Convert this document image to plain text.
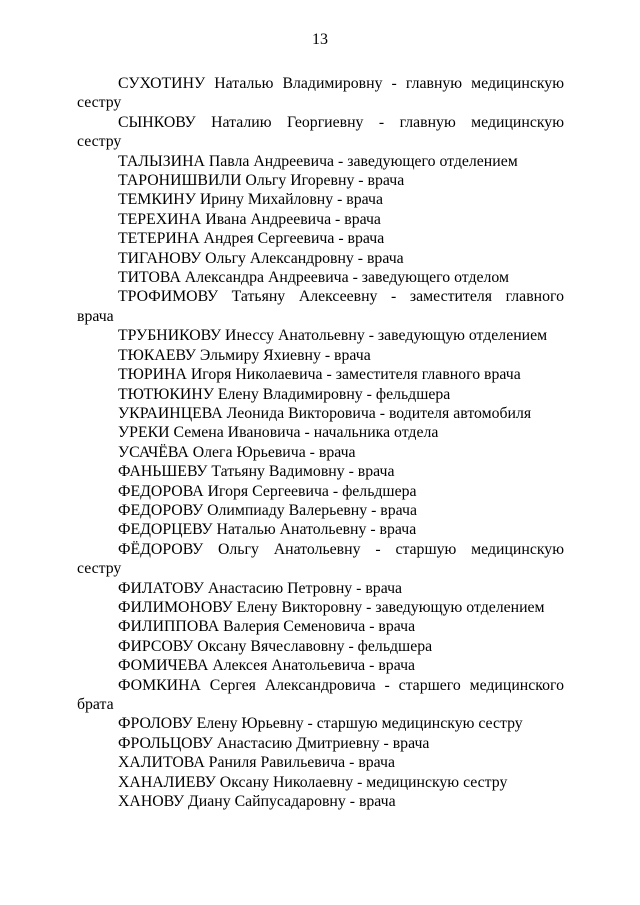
13
СУХОТИНУ Наталью Владимировну - главную медицинскую
сестру
СЫНКОВУ Наталию Георгиевну - главную медицинскую
сестру
ТАЛЫЗИНА Павла Андреевича - заведующего отделением
ТАРОНИШВИЛИ Ольгу Игоревну - врача
ТЕМКИНУ Ирину Михайловну - врача
ТЕРЕХИНА Ивана Андреевича - врача
ТЕТЕРИНА Андрея Сергеевича - врача
ТИГАНОВУ Ольгу Александровну - врача
ТИТОВА Александра Андреевича - заведующего отделом
ТРОФИМОВУ Татьяну Алексеевну - заместителя главного
врача
ТРУБНИКОВУ Инессу Анатольевну - заведующую отделением
ТЮКАЕВУ Эльмиру Яхиевну - врача
ТЮРИНА Игоря Николаевича - заместителя главного врача
ТЮТЮКИНУ Елену Владимировну - фельдшера
УКРАИНЦЕВА Леонида Викторовича - водителя автомобиля
УРЕКИ Семена Ивановича - начальника отдела
УСАЧЁВА Олега Юрьевича - врача
ФАНЬШЕВУ Татьяну Вадимовну - врача
ФЕДОРОВА Игоря Сергеевича - фельдшера
ФЕДОРОВУ Олимпиаду Валерьевну - врача
ФЕДОРЦЕВУ Наталью Анатольевну - врача
ФЁДОРОВУ Ольгу Анатольевну - старшую медицинскую
сестру
ФИЛАТОВУ Анастасию Петровну - врача
ФИЛИМОНОВУ Елену Викторовну - заведующую отделением
ФИЛИППОВА Валерия Семеновича - врача
ФИРСОВУ Оксану Вячеславовну - фельдшера
ФОМИЧЕВА Алексея Анатольевича - врача
ФОМКИНА Сергея Александровича - старшего медицинского
брата
ФРОЛОВУ Елену Юрьевну - старшую медицинскую сестру
ФРОЛЬЦОВУ Анастасию Дмитриевну - врача
ХАЛИТОВА Раниля Равильевича - врача
ХАНАЛИЕВУ Оксану Николаевну - медицинскую сестру
ХАНОВУ Диану Сайпусадаровну - врача
